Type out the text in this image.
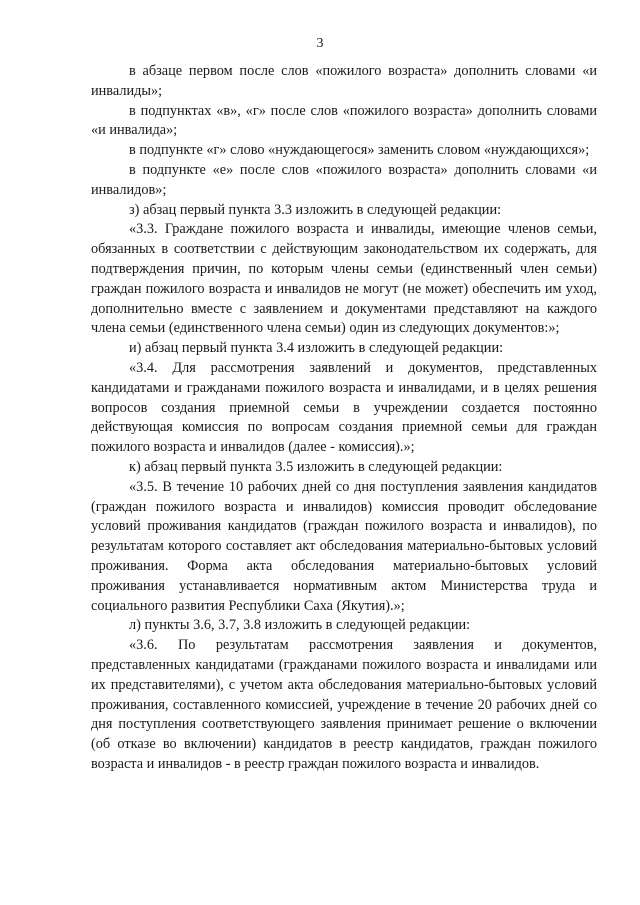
3

в абзаце первом после слов «пожилого возраста» дополнить словами «и инвалиды»;

в подпунктах «в», «г» после слов «пожилого возраста» дополнить словами «и инвалида»;

в подпункте «г» слово «нуждающегося» заменить словом «нуждающихся»;

в подпункте «е» после слов «пожилого возраста» дополнить словами «и инвалидов»;

з) абзац первый пункта 3.3 изложить в следующей редакции:

«3.3. Граждане пожилого возраста и инвалиды, имеющие членов семьи, обязанных в соответствии с действующим законодательством их содержать, для подтверждения причин, по которым члены семьи (единственный член семьи) граждан пожилого возраста и инвалидов не могут (не может) обеспечить им уход, дополнительно вместе с заявлением и документами представляют на каждого члена семьи (единственного члена семьи) один из следующих документов:»;

и) абзац первый пункта 3.4 изложить в следующей редакции:

«3.4. Для рассмотрения заявлений и документов, представленных кандидатами и гражданами пожилого возраста и инвалидами, и в целях решения вопросов создания приемной семьи в учреждении создается постоянно действующая комиссия по вопросам создания приемной семьи для граждан пожилого возраста и инвалидов (далее - комиссия).»;

к) абзац первый пункта 3.5 изложить в следующей редакции:

«3.5. В течение 10 рабочих дней со дня поступления заявления кандидатов (граждан пожилого возраста и инвалидов) комиссия проводит обследование условий проживания кандидатов (граждан пожилого возраста и инвалидов), по результатам которого составляет акт обследования материально-бытовых условий проживания. Форма акта обследования материально-бытовых условий проживания устанавливается нормативным актом Министерства труда и социального развития Республики Саха (Якутия).»;

л) пункты 3.6, 3.7, 3.8 изложить в следующей редакции:

«3.6. По результатам рассмотрения заявления и документов, представленных кандидатами (гражданами пожилого возраста и инвалидами или их представителями), с учетом акта обследования материально-бытовых условий проживания, составленного комиссией, учреждение в течение 20 рабочих дней со дня поступления соответствующего заявления принимает решение о включении (об отказе во включении) кандидатов в реестр кандидатов, граждан пожилого возраста и инвалидов - в реестр граждан пожилого возраста и инвалидов.
